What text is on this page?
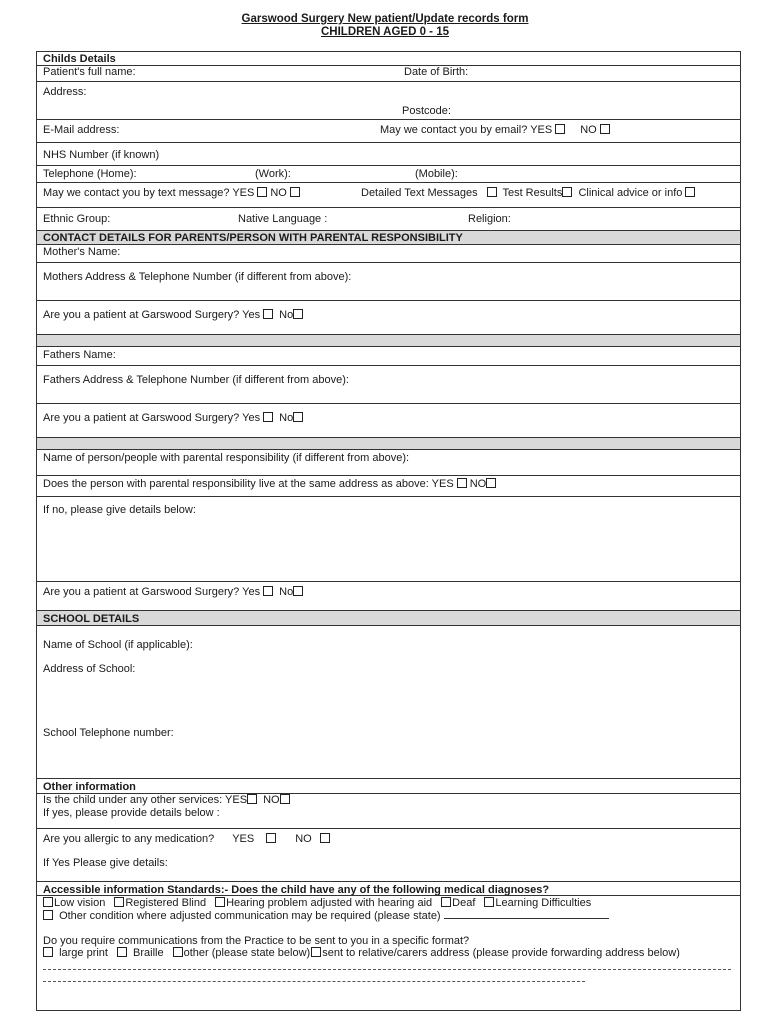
Garswood Surgery New patient/Update records form
CHILDREN AGED 0 - 15
Childs Details
Patient's full name:	Date of Birth:
Address:
Postcode:
E-Mail address:	May we contact you by email? YES	NO
NHS Number (if known)
Telephone (Home):	(Work):	(Mobile):
May we contact you by text message? YES NO	Detailed Text Messages Test Results Clinical advice or info
Ethnic Group:	Native Language :	Religion:
CONTACT DETAILS FOR PARENTS/PERSON WITH PARENTAL RESPONSIBILITY
Mother's Name:
Mothers Address & Telephone Number (if different from above):
Are you a patient at Garswood Surgery? Yes No
Fathers Name:
Fathers Address & Telephone Number (if different from above):
Are you a patient at Garswood Surgery? Yes No
Name of person/people with parental responsibility (if different from above):
Does the person with parental responsibility live at the same address as above: YES NO
If no, please give details below:
Are you a patient at Garswood Surgery? Yes No
SCHOOL DETAILS
Name of School (if applicable):
Address of School:
School Telephone number:
Other information
Is the child under any other services: YES NO
If yes, please provide details below :
Are you allergic to any medication? YES	NO
If Yes Please give details:
Accessible information Standards:- Does the child have any of the following medical diagnoses?
Low vision Registered Blind Hearing problem adjusted with hearing aid Deaf Learning Difficulties
Other condition where adjusted communication may be required (please state)
Do you require communications from the Practice to be sent to you in a specific format?
large print Braille other (please state below) sent to relative/carers address (please provide forwarding address below)
